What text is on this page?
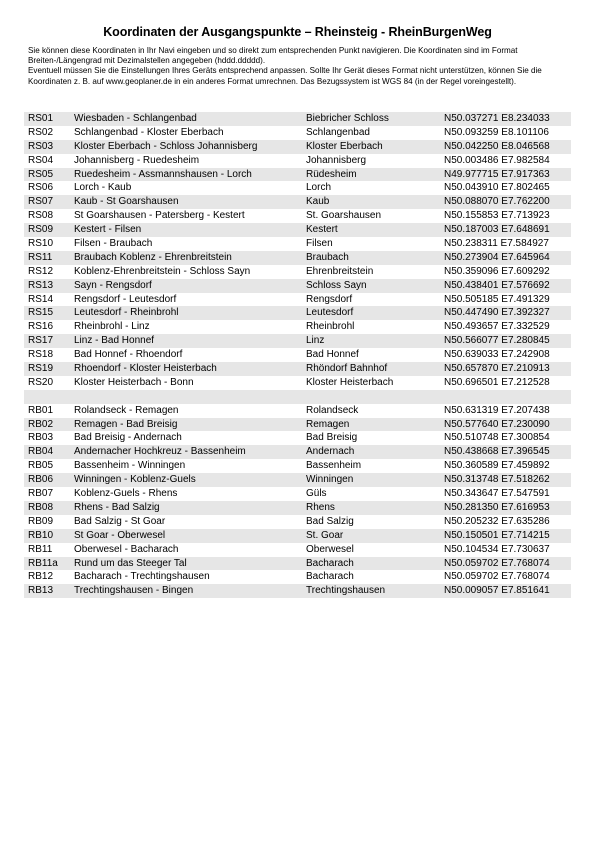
Koordinaten der Ausgangspunkte – Rheinsteig - RheinBurgenWeg

Sie können diese Koordinaten in Ihr Navi eingeben und so direkt zum entsprechenden Punkt navigieren. Die Koordinaten sind im Format Breiten-/Längengrad mit Dezimalstellen angegeben (hddd.ddddd).

Eventuell müssen Sie die Einstellungen Ihres Geräts entsprechend anpassen. Sollte Ihr Gerät dieses Format nicht unterstützen, können Sie die Koordinaten z. B. auf www.geoplaner.de in ein anderes Format umrechnen. Das Bezugssystem ist WGS 84 (in der Regel voreingestellt).

RS01 Wiesbaden - Schlangenbad	Biebricher Schloss	N50.037271 E8.234033
RS02 Schlangenbad - Kloster Eberbach	Schlangenbad	N50.093259 E8.101106
RS03 Kloster Eberbach - Schloss Johannisberg	Kloster Eberbach	N50.042250 E8.046568
RS04 Johannisberg - Ruedesheim	Johannisberg	N50.003486 E7.982584
RS05 Ruedesheim - Assmannshausen - Lorch	Rüdesheim	N49.977715 E7.917363
RS06 Lorch - Kaub	Lorch	N50.043910 E7.802465
RS07 Kaub - St Goarshausen	Kaub	N50.088070 E7.762200
RS08 St Goarshausen - Patersberg - Kestert	St. Goarshausen	N50.155853 E7.713923
RS09 Kestert - Filsen	Kestert	N50.187003 E7.648691
RS10 Filsen - Braubach	Filsen	N50.238311 E7.584927
RS11 Braubach Koblenz - Ehrenbreitstein	Braubach	N50.273904 E7.645964
RS12 Koblenz-Ehrenbreitstein - Schloss Sayn	Ehrenbreitstein	N50.359096 E7.609292
RS13 Sayn - Rengsdorf	Schloss Sayn	N50.438401 E7.576692
RS14 Rengsdorf - Leutesdorf	Rengsdorf	N50.505185 E7.491329
RS15 Leutesdorf - Rheinbrohl	Leutesdorf	N50.447490 E7.392327
RS16 Rheinbrohl - Linz	Rheinbrohl	N50.493657 E7.332529
RS17 Linz - Bad Honnef	Linz	N50.566077 E7.280845
RS18 Bad Honnef - Rhoendorf	Bad Honnef	N50.639033 E7.242908
RS19 Rhoendorf - Kloster Heisterbach	Rhöndorf Bahnhof	N50.657870 E7.210913
RS20 Kloster Heisterbach - Bonn	Kloster Heisterbach	N50.696501 E7.212528
RB01 Rolandseck - Remagen	Rolandseck	N50.631319 E7.207438
RB02 Remagen - Bad Breisig	Remagen	N50.577640 E7.230090
RB03 Bad Breisig - Andernach	Bad Breisig	N50.510748 E7.300854
RB04 Andernacher Hochkreuz - Bassenheim	Andernach	N50.438668 E7.396545
RB05 Bassenheim - Winningen	Bassenheim	N50.360589 E7.459892
RB06 Winningen - Koblenz-Guels	Winningen	N50.313748 E7.518262
RB07 Koblenz-Guels - Rhens	Güls	N50.343647 E7.547591
RB08 Rhens - Bad Salzig	Rhens	N50.281350 E7.616953
RB09 Bad Salzig - St Goar	Bad Salzig	N50.205232 E7.635286
RB10 St Goar - Oberwesel	St. Goar	N50.150501 E7.714215
RB11 Oberwesel - Bacharach	Oberwesel	N50.104534 E7.730637
RB11a Rund um das Steeger Tal	Bacharach	N50.059702 E7.768074
RB12 Bacharach - Trechtingshausen	Bacharach	N50.059702 E7.768074
RB13 Trechtingshausen - Bingen	Trechtingshausen	N50.009057 E7.851641
